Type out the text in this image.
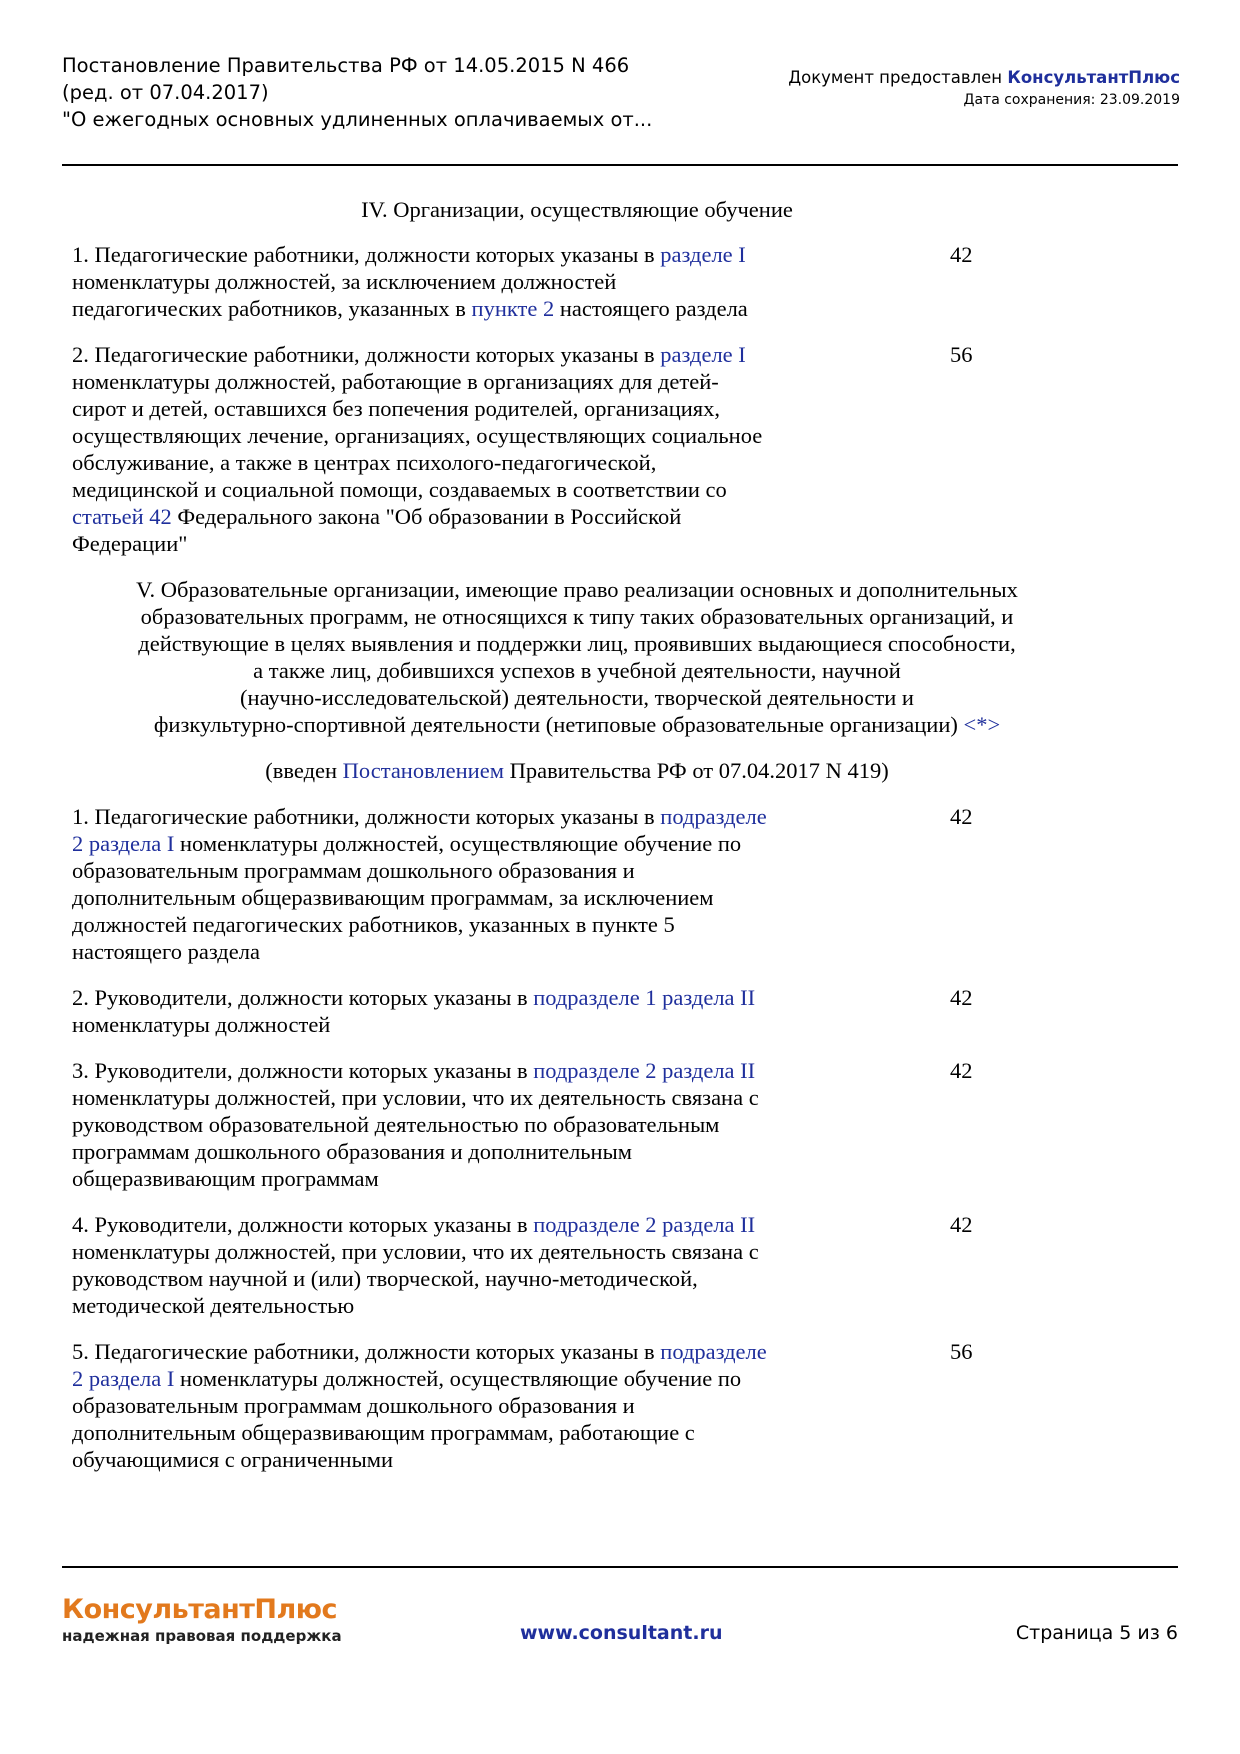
Постановление Правительства РФ от 14.05.2015 N 466
(ред. от 07.04.2017)
"О ежегодных основных удлиненных оплачиваемых от...
Документ предоставлен КонсультантПлюс
Дата сохранения: 23.09.2019
IV. Организации, осуществляющие обучение
1. Педагогические работники, должности которых указаны в разделе I номенклатуры должностей, за исключением должностей педагогических работников, указанных в пункте 2 настоящего раздела
42
2. Педагогические работники, должности которых указаны в разделе I номенклатуры должностей, работающие в организациях для детей-сирот и детей, оставшихся без попечения родителей, организациях, осуществляющих лечение, организациях, осуществляющих социальное обслуживание, а также в центрах психолого-педагогической, медицинской и социальной помощи, создаваемых в соответствии со статьей 42 Федерального закона "Об образовании в Российской Федерации"
56
V. Образовательные организации, имеющие право реализации основных и дополнительных
образовательных программ, не относящихся к типу таких образовательных организаций, и
действующие в целях выявления и поддержки лиц, проявивших выдающиеся способности,
а также лиц, добившихся успехов в учебной деятельности, научной
(научно-исследовательской) деятельности, творческой деятельности и
физкультурно-спортивной деятельности (нетиповые образовательные организации) <*>
(введен Постановлением Правительства РФ от 07.04.2017 N 419)
1. Педагогические работники, должности которых указаны в подразделе 2 раздела I номенклатуры должностей, осуществляющие обучение по образовательным программам дошкольного образования и дополнительным общеразвивающим программам, за исключением должностей педагогических работников, указанных в пункте 5 настоящего раздела
42
2. Руководители, должности которых указаны в подразделе 1 раздела II номенклатуры должностей
42
3. Руководители, должности которых указаны в подразделе 2 раздела II номенклатуры должностей, при условии, что их деятельность связана с руководством образовательной деятельностью по образовательным программам дошкольного образования и дополнительным общеразвивающим программам
42
4. Руководители, должности которых указаны в подразделе 2 раздела II номенклатуры должностей, при условии, что их деятельность связана с руководством научной и (или) творческой, научно-методической, методической деятельностью
42
5. Педагогические работники, должности которых указаны в подразделе 2 раздела I номенклатуры должностей, осуществляющие обучение по образовательным программам дошкольного образования и дополнительным общеразвивающим программам, работающие с обучающимися с ограниченными
56
КонсультантПлюс
надежная правовая поддержка	www.consultant.ru	Страница 5 из 6
